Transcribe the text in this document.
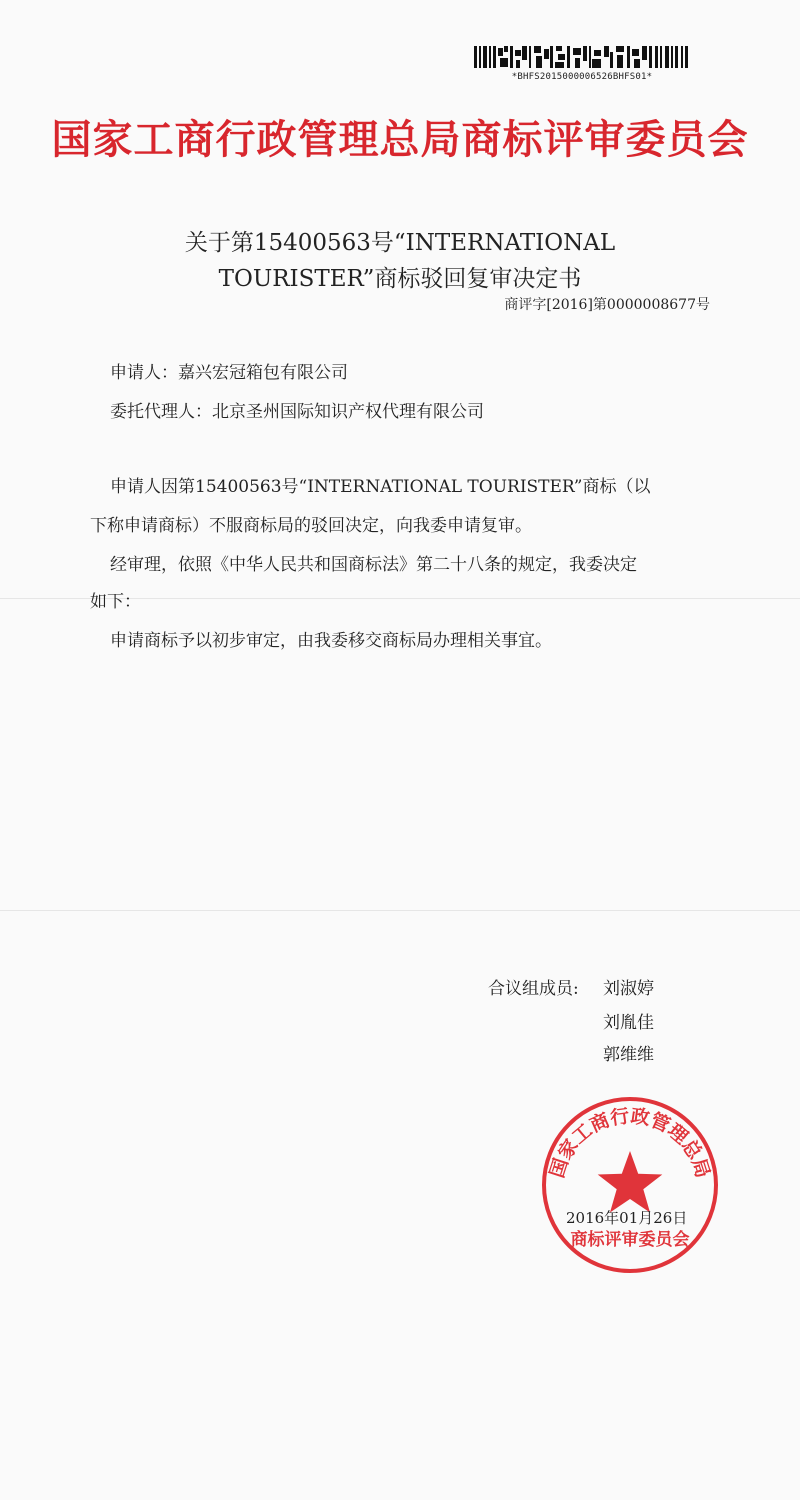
*BHFS2015000006526BHFS01*
国家工商行政管理总局商标评审委员会
关于第15400563号“INTERNATIONAL
TOURISTER”商标驳回复审决定书
商评字[2016]第0000008677号
申请人：嘉兴宏冠箱包有限公司
委托代理人：北京圣州国际知识产权代理有限公司
申请人因第15400563号“INTERNATIONAL TOURISTER”商标（以
下称申请商标）不服商标局的驳回决定，向我委申请复审。
经审理，依照《中华人民共和国商标法》第二十八条的规定，我委决定
如下：
申请商标予以初步审定，由我委移交商标局办理相关事宜。
合议组成员: 刘淑婷
刘胤佳
郭维维
国家工商行政管理总局
商标评审委员会
2016年01月26日
